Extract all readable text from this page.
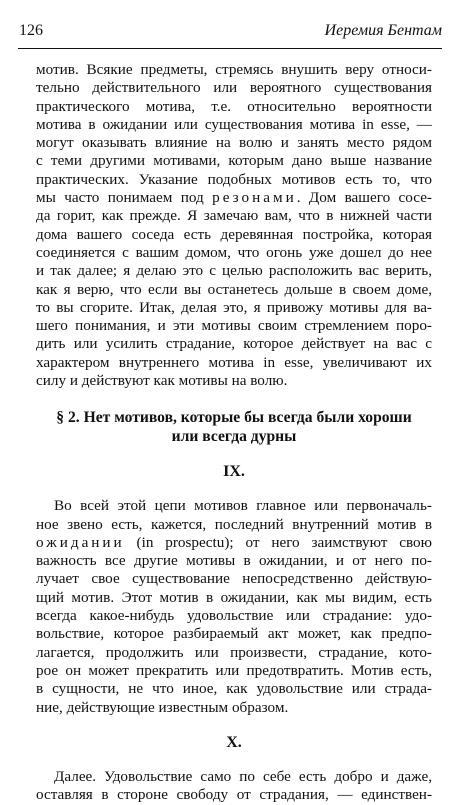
126	Иеремия Бентам
мотив. Всякие предметы, стремясь внушить веру относи-
тельно действительного или вероятного существования
практического мотива, т.е. относительно вероятности
мотива в ожидании или существования мотива in esse, —
могут оказывать влияние на волю и занять место рядом
с теми другими мотивами, которым дано выше название
практических. Указание подобных мотивов есть то, что
мы часто понимаем под резонами. Дом вашего сосе-
да горит, как прежде. Я замечаю вам, что в нижней части
дома вашего соседа есть деревянная постройка, которая
соединяется с вашим домом, что огонь уже дошел до нее
и так далее; я делаю это с целью расположить вас верить,
как я верю, что если вы останетесь дольше в своем доме,
то вы сгорите. Итак, делая это, я привожу мотивы для ва-
шего понимания, и эти мотивы своим стремлением поро-
дить или усилить страдание, которое действует на вас с
характером внутреннего мотива in esse, увеличивают их
силу и действуют как мотивы на волю.
§ 2. Нет мотивов, которые бы всегда были хороши
или всегда дурны
IX.
Во всей этой цепи мотивов главное или первоначаль-
ное звено есть, кажется, последний внутренний мотив в
ожидании (in prospectu); от него заимствуют свою
важность все другие мотивы в ожидании, и от него по-
лучает свое существование непосредственно действую-
щий мотив. Этот мотив в ожидании, как мы видим, есть
всегда какое-нибудь удовольствие или страдание: удо-
вольствие, которое разбираемый акт может, как предпо-
лагается, продолжить или произвести, страдание, кото-
рое он может прекратить или предотвратить. Мотив есть,
в сущности, не что иное, как удовольствие или страда-
ние, действующие известным образом.
X.
Далее. Удовольствие само по себе есть добро и даже,
оставляя в стороне свободу от страдания, — единствен-
